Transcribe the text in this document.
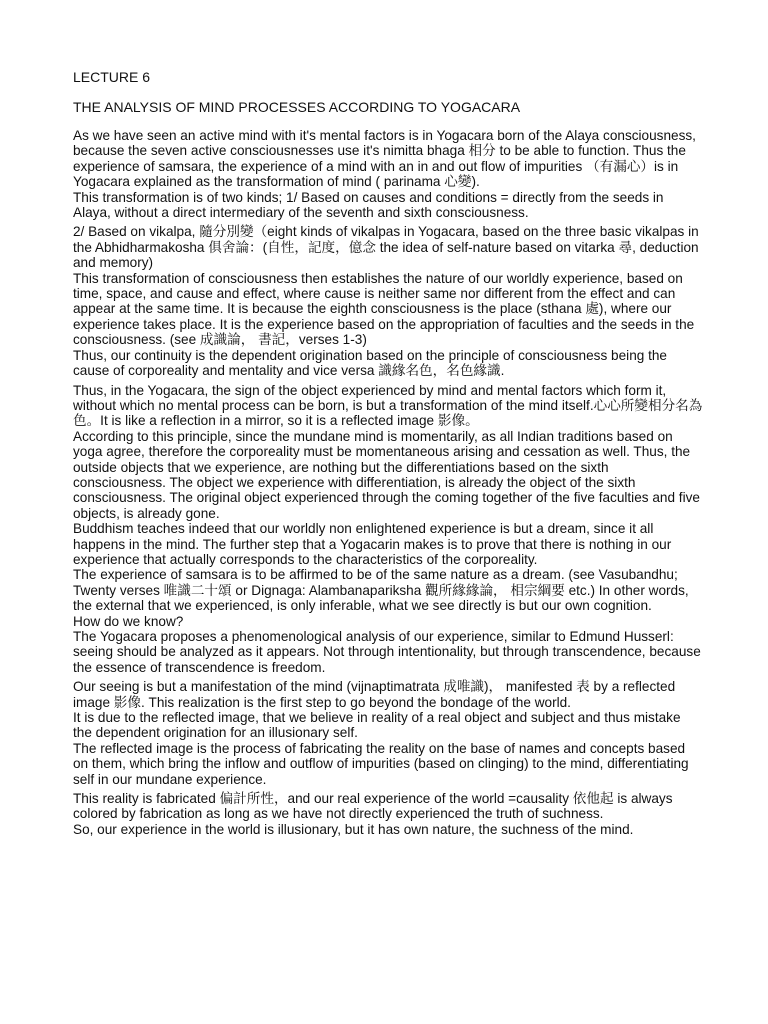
LECTURE 6
THE ANALYSIS OF MIND PROCESSES ACCORDING TO YOGACARA

As we have seen an active mind with it's mental factors is in Yogacara born of the Alaya consciousness, because the seven active consciousnesses use it's nimitta bhaga 相分 to be able to function. Thus the experience of samsara, the experience of a mind with an in and out flow of impurities （有漏心）is in Yogacara explained as the transformation of mind ( parinama 心變).

This transformation is of two kinds; 1/ Based on causes and conditions = directly from the seeds in Alaya, without a direct intermediary of the seventh and sixth consciousness.

2/ Based on vikalpa, 隨分別變（eight kinds of vikalpas in Yogacara, based on the three basic vikalpas in the Abhidharmakosha 俱舍論：(自性，記度，億念 the idea of self-nature based on vitarka 尋, deduction and memory)

This transformation of consciousness then establishes the nature of our worldly experience, based on time, space, and cause and effect, where cause is neither same nor different from the effect and can appear at the same time. It is because the eighth consciousness is the place (sthana 處), where our experience takes place. It is the experience based on the appropriation of faculties and the seeds in the consciousness. (see 成識論， 書記，verses 1-3)

Thus, our continuity is the dependent origination based on the principle of consciousness being the cause of corporeality and mentality and vice versa 識緣名色，名色緣識.

Thus, in the Yogacara, the sign of the object experienced by mind and mental factors which form it, without which no mental process can be born, is but a transformation of the mind itself.心心所變相分名為色。It is like a reflection in a mirror, so it is a reflected image 影像。

According to this principle, since the mundane mind is momentarily, as all Indian traditions based on yoga agree, therefore the corporeality must be momentaneous arising and cessation as well. Thus, the outside objects that we experience, are nothing but the differentiations based on the sixth consciousness. The object we experience with differentiation, is already the object of the sixth consciousness. The original object experienced through the coming together of the five faculties and five objects, is already gone.

Buddhism teaches indeed that our worldly non enlightened experience is but a dream, since it all happens in the mind. The further step that a Yogacarin makes is to prove that there is nothing in our experience that actually corresponds to the characteristics of the corporeality.

The experience of samsara is to be affirmed to be of the same nature as a dream. (see Vasubandhu; Twenty verses 唯識二十頌 or Dignaga: Alambanapariksha 觀所緣緣論， 相宗綱要 etc.) In other words, the external that we experienced, is only inferable, what we see directly is but our own cognition.

How do we know?

The Yogacara proposes a phenomenological analysis of our experience, similar to Edmund Husserl: seeing should be analyzed as it appears. Not through intentionality, but through transcendence, because the essence of transcendence is freedom.

Our seeing is but a manifestation of the mind (vijnaptimatrata 成唯識)， manifested 表 by a reflected image 影像. This realization is the first step to go beyond the bondage of the world.

It is due to the reflected image, that we believe in reality of a real object and subject and thus mistake the dependent origination for an illusionary self.

The reflected image is the process of fabricating the reality on the base of names and concepts based on them, which bring the inflow and outflow of impurities (based on clinging) to the mind, differentiating self in our mundane experience.

This reality is fabricated 偏計所性，and our real experience of the world =causality 依他起 is always colored by fabrication as long as we have not directly experienced the truth of suchness.

So, our experience in the world is illusionary, but it has own nature, the suchness of the mind.
